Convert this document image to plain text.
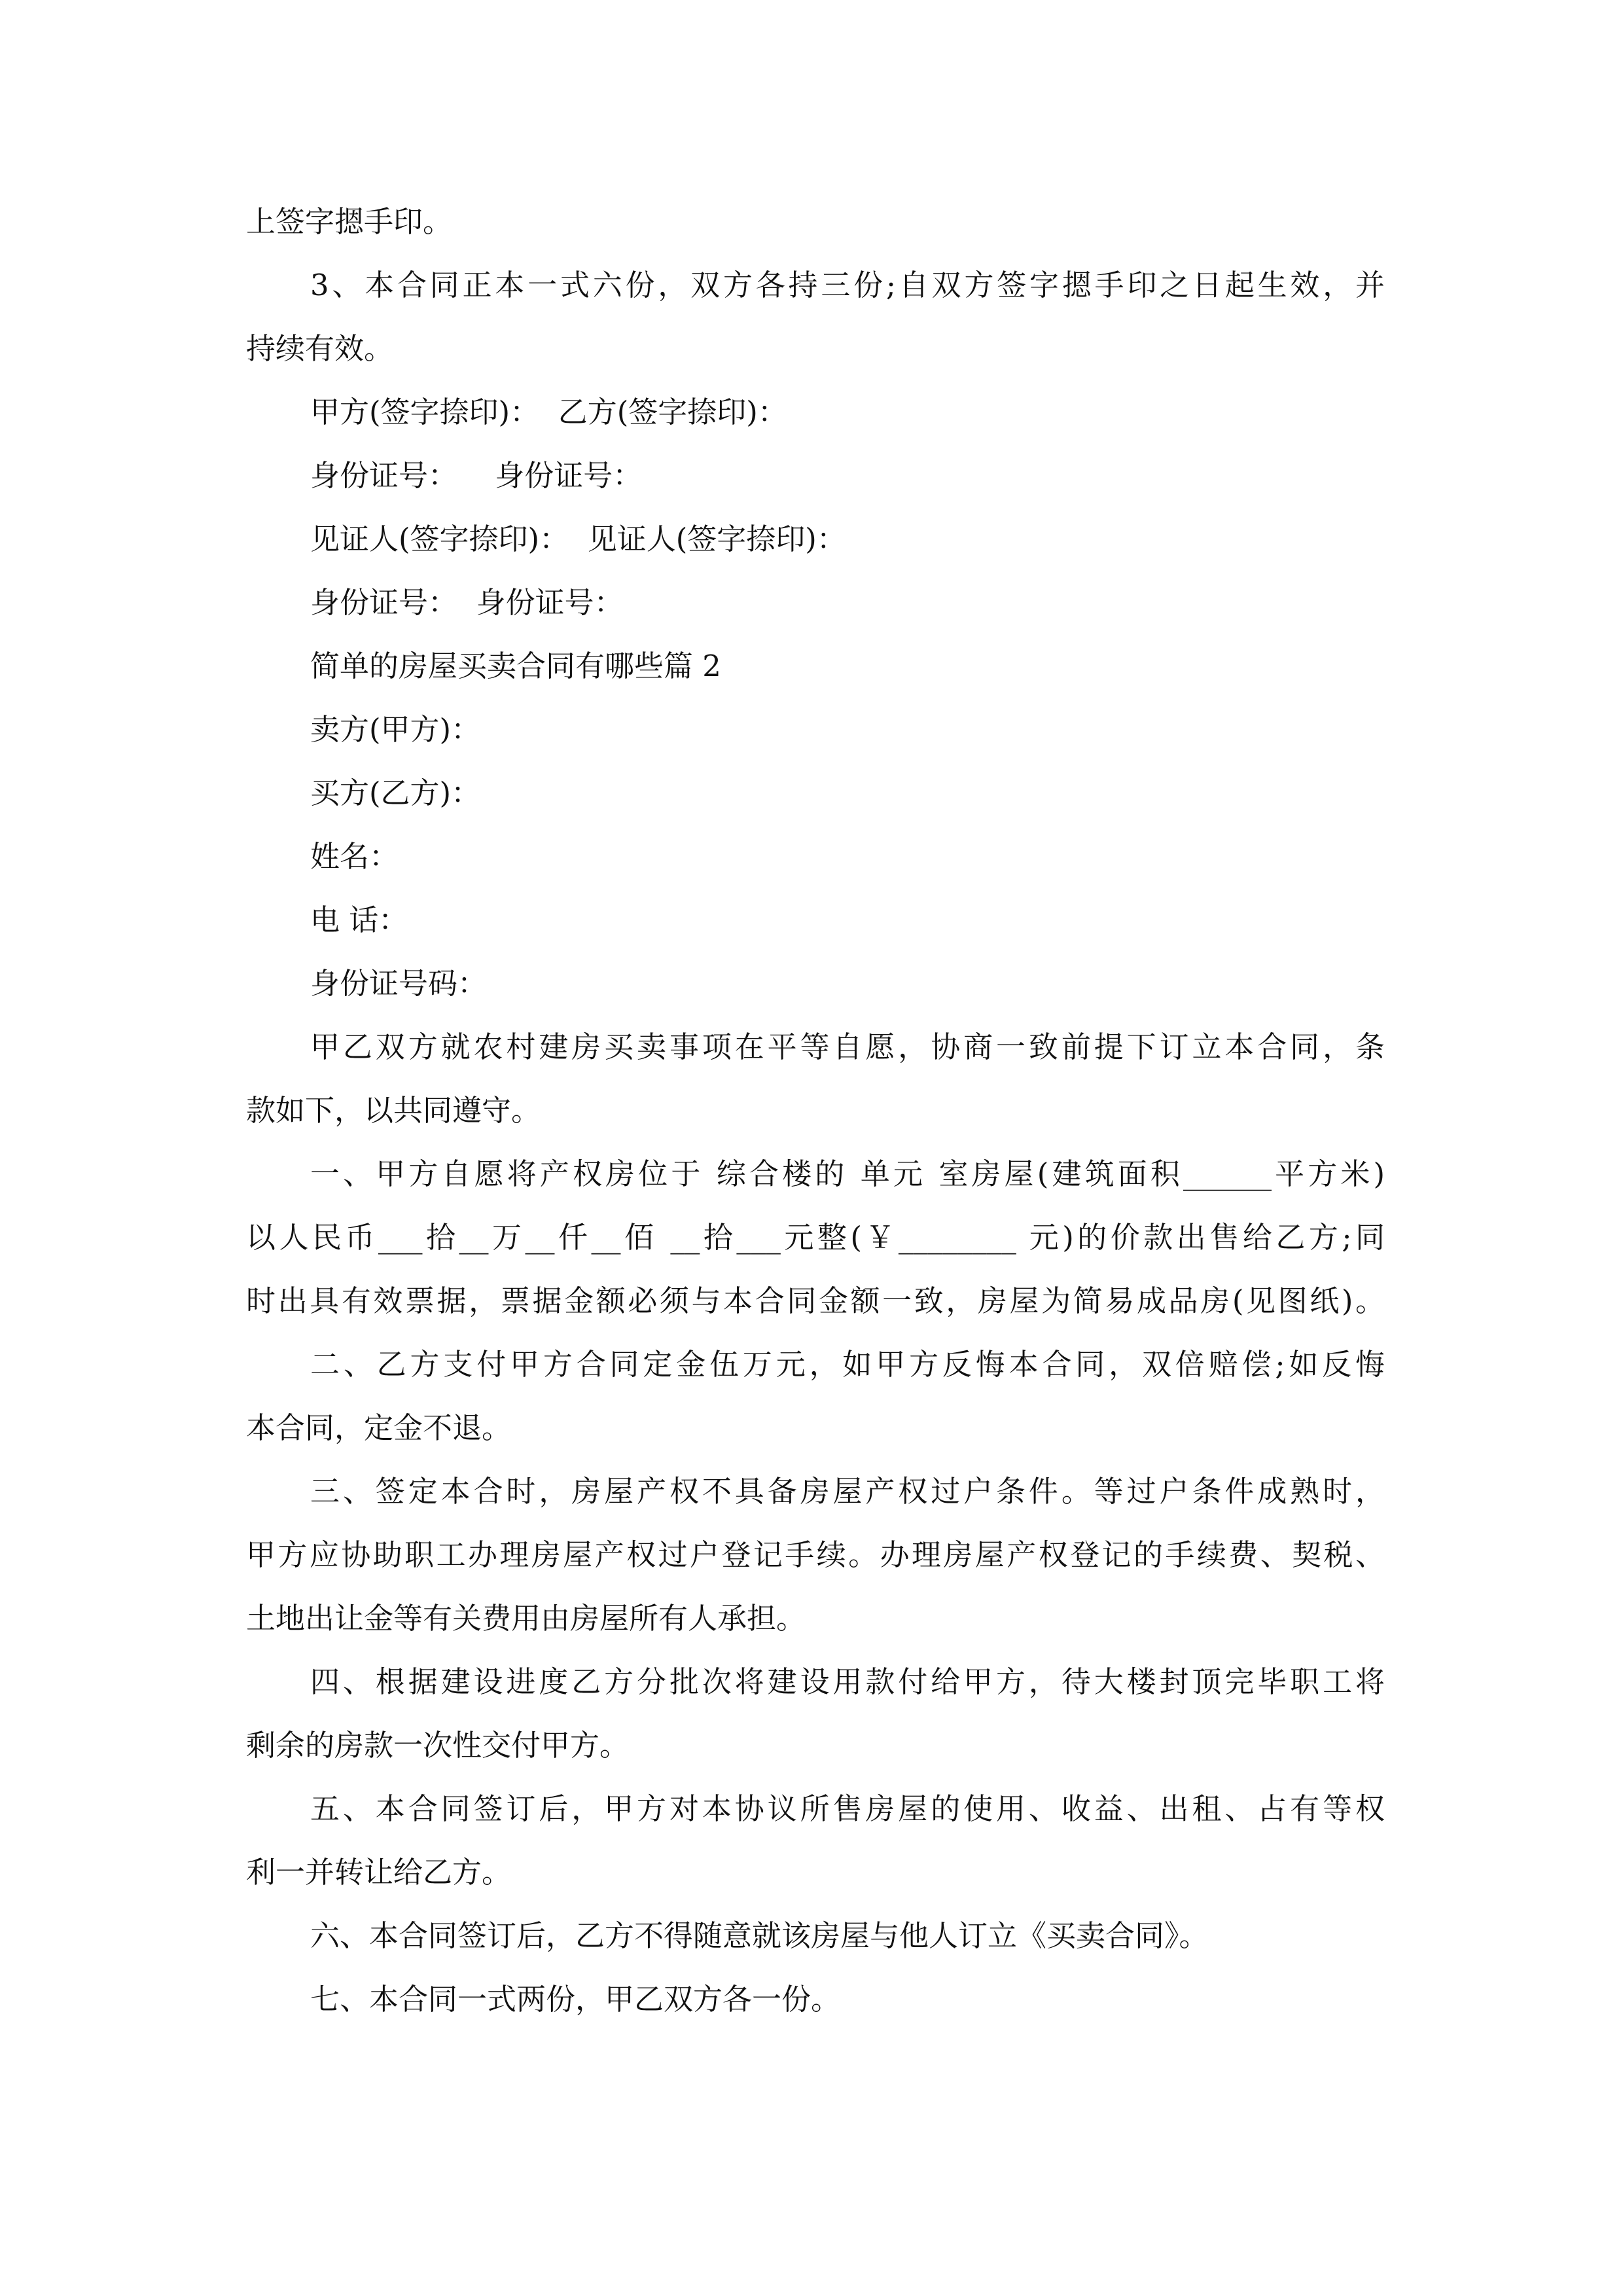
上签字摁手印。

3、本合同正本一式六份，双方各持三份;自双方签字摁手印之日起生效，并

持续有效。

甲方(签字捺印)：  乙方(签字捺印)：

身份证号：    身份证号：

见证人(签字捺印)：  见证人(签字捺印)：

身份证号：  身份证号：

简单的房屋买卖合同有哪些篇 2

卖方(甲方)：

买方(乙方)：

姓名：

电 话：

身份证号码：

甲乙双方就农村建房买卖事项在平等自愿，协商一致前提下订立本合同，条

款如下，以共同遵守。

一、甲方自愿将产权房位于 综合楼的 单元 室房屋(建筑面积______平方米)

以人民币___拾__万__仟__佰 __拾___元整(￥________ 元)的价款出售给乙方;同

时出具有效票据，票据金额必须与本合同金额一致，房屋为简易成品房(见图纸)。

二、乙方支付甲方合同定金伍万元，如甲方反悔本合同，双倍赔偿;如反悔

本合同，定金不退。

三、签定本合时，房屋产权不具备房屋产权过户条件。等过户条件成熟时，

甲方应协助职工办理房屋产权过户登记手续。办理房屋产权登记的手续费、契税、

土地出让金等有关费用由房屋所有人承担。

四、根据建设进度乙方分批次将建设用款付给甲方，待大楼封顶完毕职工将

剩余的房款一次性交付甲方。

五、本合同签订后，甲方对本协议所售房屋的使用、收益、出租、占有等权

利一并转让给乙方。

六、本合同签订后，乙方不得随意就该房屋与他人订立《买卖合同》。

七、本合同一式两份，甲乙双方各一份。
